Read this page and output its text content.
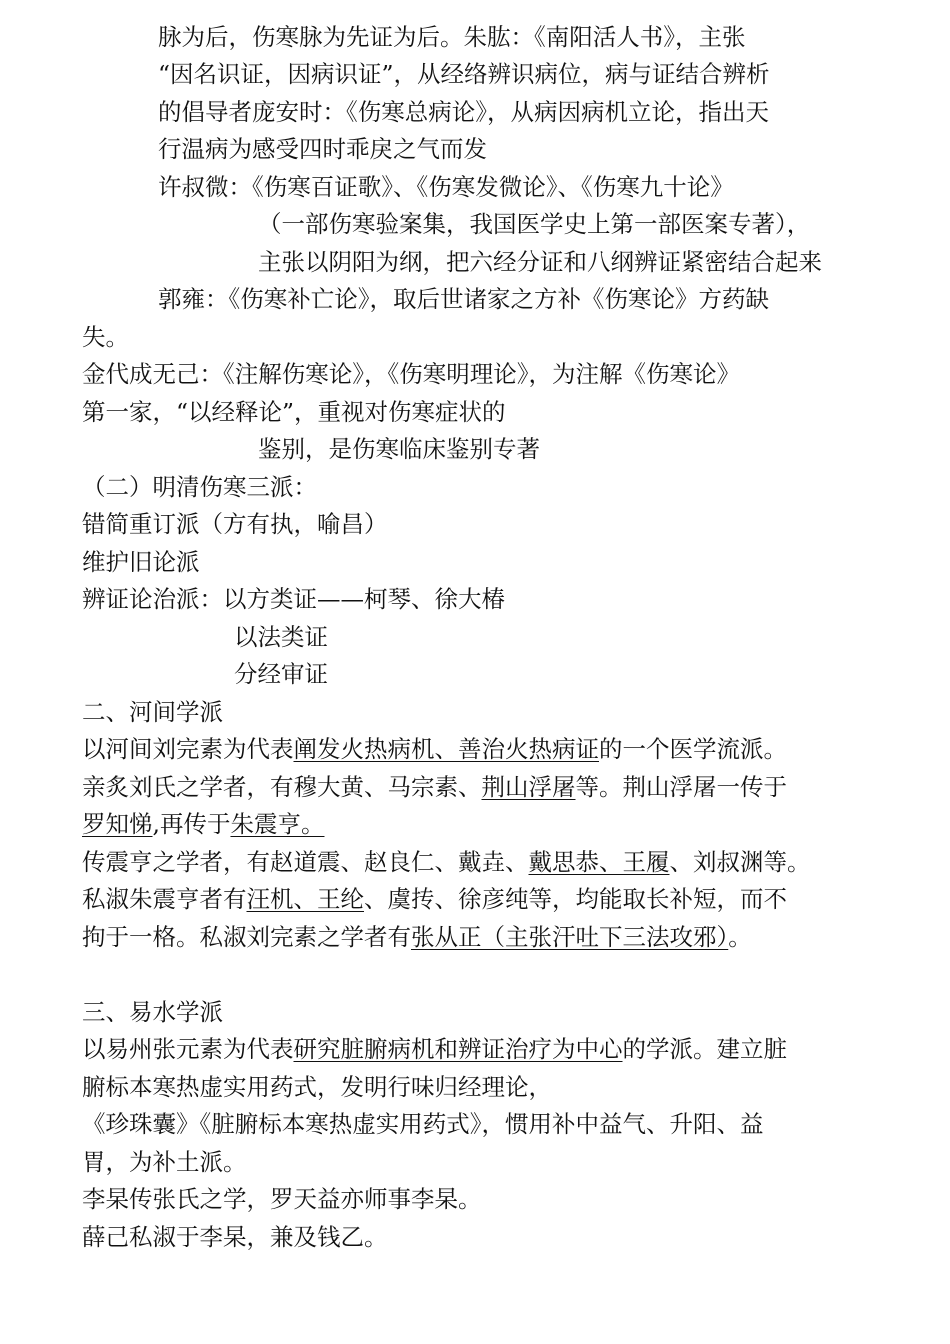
脉为后，伤寒脉为先证为后。朱肱：《南阳活人书》，主张
“因名识证，因病识证”，从经络辨识病位，病与证结合辨析
的倡导者庞安时：《伤寒总病论》，从病因病机立论，指出天
行温病为感受四时乖戾之气而发
许叔微：《伤寒百证歌》、《伤寒发微论》、《伤寒九十论》
（一部伤寒验案集，我国医学史上第一部医案专著），
主张以阴阳为纲，把六经分证和八纲辨证紧密结合起来
郭雍：《伤寒补亡论》，取后世诸家之方补《伤寒论》方药缺
失。
金代成无己：《注解伤寒论》，《伤寒明理论》，为注解《伤寒论》
第一家，“以经释论”，重视对伤寒症状的
鉴别，是伤寒临床鉴别专著
（二）明清伤寒三派：
错简重订派（方有执，喻昌）
维护旧论派
辨证论治派：以方类证——柯琴、徐大椿
以法类证
分经审证
二、河间学派
以河间刘完素为代表阐发火热病机、善治火热病证的一个医学流派。
亲炙刘氏之学者，有穆大黄、马宗素、荆山浮屠等。荆山浮屠一传于
罗知悌,再传于朱震亨。
传震亨之学者，有赵道震、赵良仁、戴垚、戴思恭、王履、刘叔渊等。
私淑朱震亨者有汪机、王纶、虞抟、徐彦纯等，均能取长补短，而不
拘于一格。私淑刘完素之学者有张从正（主张汗吐下三法攻邪）。
三、易水学派
以易州张元素为代表研究脏腑病机和辨证治疗为中心的学派。建立脏
腑标本寒热虚实用药式，发明行味归经理论，
《珍珠囊》《脏腑标本寒热虚实用药式》，惯用补中益气、升阳、益
胃，为补土派。
李杲传张氏之学，罗天益亦师事李杲。
薛己私淑于李杲，兼及钱乙。
